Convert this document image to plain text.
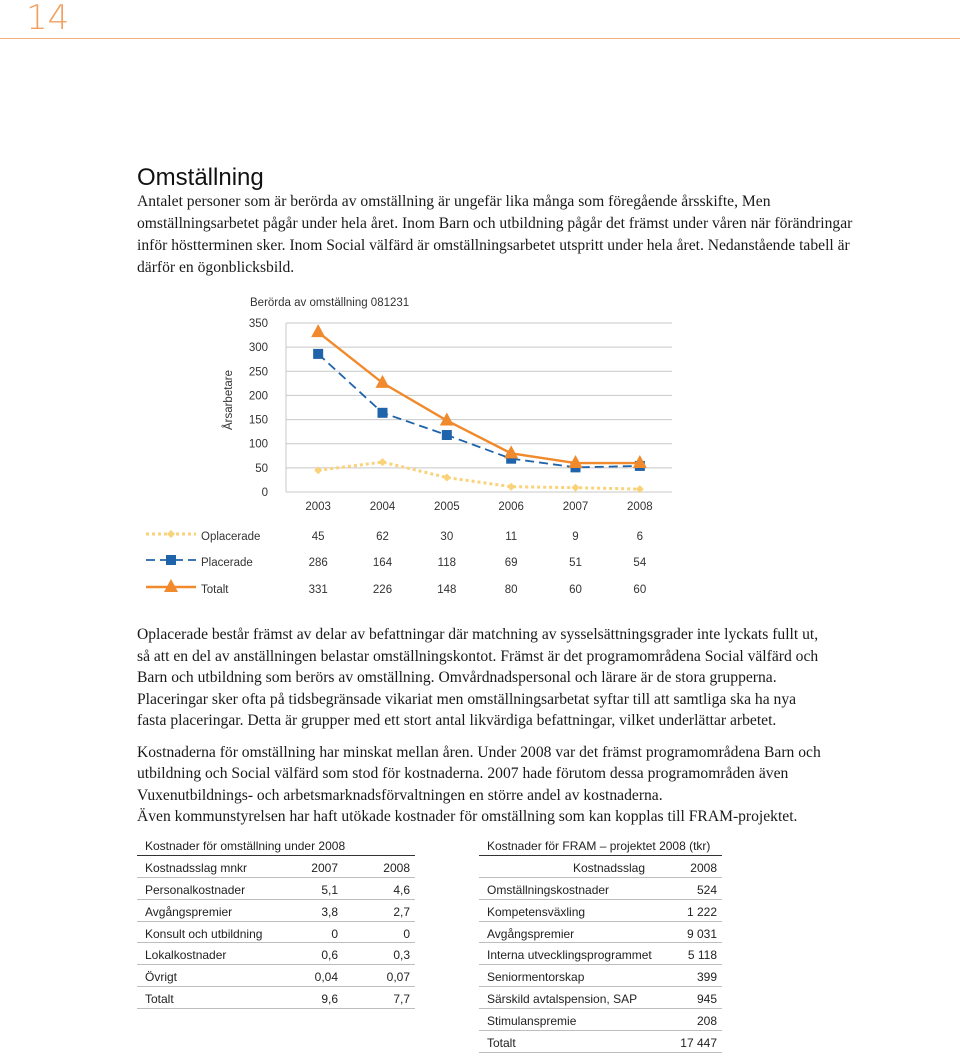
14
Omställning
Antalet personer som är berörda av omställning är ungefär lika många som föregående årsskifte, Men omställningsarbetet pågår under hela året. Inom Barn och utbildning pågår det främst under våren när förändringar inför höstterminen sker. Inom Social välfärd är omställningsarbetet utspritt under hela året. Nedanstående tabell är därför en ögonblicksbild.
Berörda av omställning 081231
Årsarbetare
0
50
100
150
200
250
300
350
2003	2004	2005	2006	2007	2008
Oplacerade	45	62	30	11	9	6
Placerade	286	164	118	69	51	54
Totalt	331	226	148	80	60	60

Oplacerade består främst av delar av befattningar där matchning av sysselsättningsgrader inte lyckats fullt ut, så att en del av anställningen belastar omställningskontot. Främst är det programområdena Social välfärd och Barn och utbildning som berörs av omställning. Omvårdnadspersonal och lärare är de stora grupperna. Placeringar sker ofta på tidsbegränsade vikariat men omställningsarbetat syftar till att samtliga ska ha nya fasta placeringar. Detta är grupper med ett stort antal likvärdiga befattningar, vilket underlättar arbetet.

Kostnaderna för omställning har minskat mellan åren. Under 2008 var det främst programområdena Barn och utbildning och Social välfärd som stod för kostnaderna. 2007 hade förutom dessa programområden även Vuxenutbildnings- och arbetsmarknadsförvaltningen en större andel av kostnaderna.

Även kommunstyrelsen har haft utökade kostnader för omställning som kan kopplas till FRAM-projektet.

Kostnader för omställning under 2008
Kostnadsslag mnkr	2007	2008
Personalkostnader	5,1	4,6
Avgångspremier	3,8	2,7
Konsult och utbildning	0	0
Lokalkostnader	0,6	0,3
Övrigt	0,04	0,07
Totalt	9,6	7,7
Kostnader för FRAM – projektet 2008 (tkr)
Kostnadsslag	2008
Omställningskostnader	524
Kompetensväxling	1 222
Avgångspremier	9 031
Interna utvecklingsprogrammet	5 118
Seniormentorskap	399
Särskild avtalspension, SAP	945
Stimulanspremie	208
Totalt	17 447
